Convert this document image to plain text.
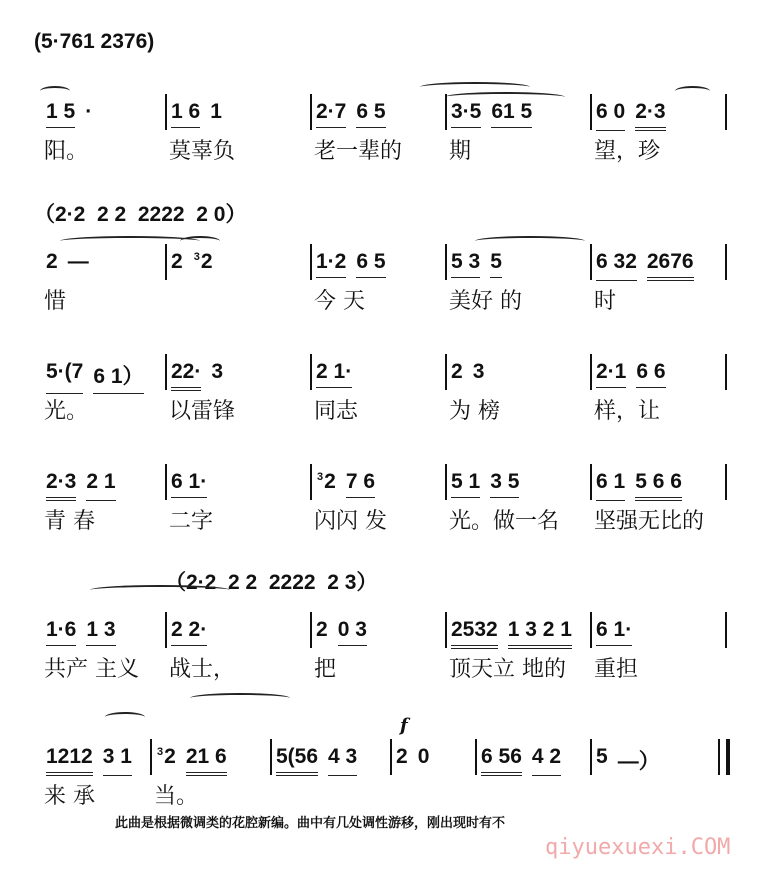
(5·761 2376)
1 5 ·
阳。
1 6 1
莫辜负
2·7 6 5
老一辈的
3·5 61 5
期
6 0 2·3
望，珍
（2·2  2 2  2222  2 0）
2 —
惜
2 $^3$2	1·2 6 5
今 天
5 3 5
美好 的
6 32 2676
时
5·(7 6 1）
光。
22· 3
以雷锋
2 1·
同志
2 3
为 榜
2·1 6 6
样，让
2·3 2 1
青 春
6 1·
二字
$^3$2 7 6
闪闪 发
5 1 3 5
光。做一名
6 1 5 6 6
坚强无比的
（2·2  2 2  2222  2 3）
1·6 1 3
共产 主义
2 2·
战士，
2 0 3
把
2532 1 3 2 1
顶天立 地的
6 1·
重担
1212 3 1
来 承
$^3$2 21 6
当。
5(56 4 3 2 0 6 56 4 2 5 —）
f
此曲是根据微调类的花腔新编。曲中有几处调性游移，刚出现时有不
qiyuexuexi.COM
